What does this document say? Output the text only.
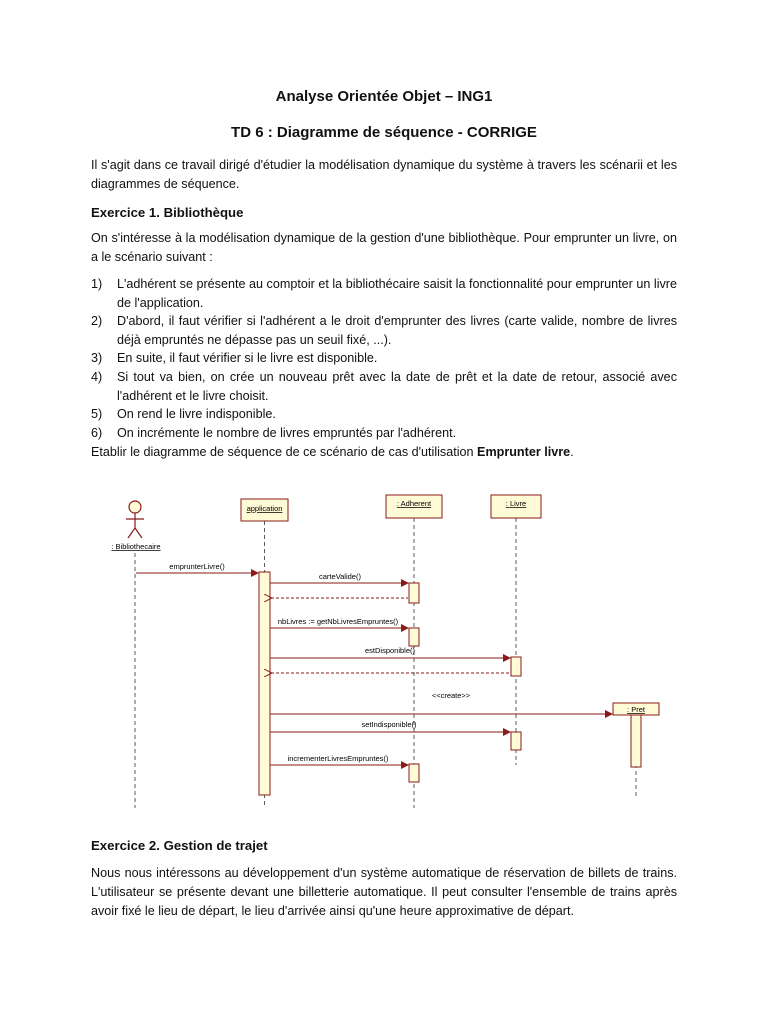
Analyse Orientée Objet – ING1
TD 6 : Diagramme de séquence - CORRIGE

Il s'agit dans ce travail dirigé d'étudier la modélisation dynamique du système à travers les scénarii et les diagrammes de séquence.

Exercice 1. Bibliothèque

On s'intéresse à la modélisation dynamique de la gestion d'une bibliothèque. Pour emprunter un livre, on a le scénario suivant :

1) L'adhérent se présente au comptoir et la bibliothécaire saisit la fonctionnalité pour emprunter un livre de l'application.
2) D'abord, il faut vérifier si l'adhérent a le droit d'emprunter des livres (carte valide, nombre de livres déjà empruntés ne dépasse pas un seuil fixé, ...).
3) En suite, il faut vérifier si le livre est disponible.
4) Si tout va bien, on crée un nouveau prêt avec la date de prêt et la date de retour, associé avec l'adhérent et le livre choisit.
5) On rend le livre indisponible.
6) On incrémente le nombre de livres empruntés par l'adhérent.

Etablir le diagramme de séquence de ce scénario de cas d'utilisation Emprunter livre.

: Bibliothecaire
application
: Adherent	: Livre
: Pret
emprunterLivre()
carteValide()
nbLivres := getNbLivresEmpruntes()
estDisponible()
<<create>>
setIndisponible()
incrementerLivresEmpruntes()
Exercice 2. Gestion de trajet

Nous nous intéressons au développement d'un système automatique de réservation de billets de trains. L'utilisateur se présente devant une billetterie automatique. Il peut consulter l'ensemble de trains après avoir fixé le lieu de départ, le lieu d'arrivée ainsi qu'une heure approximative de départ.
